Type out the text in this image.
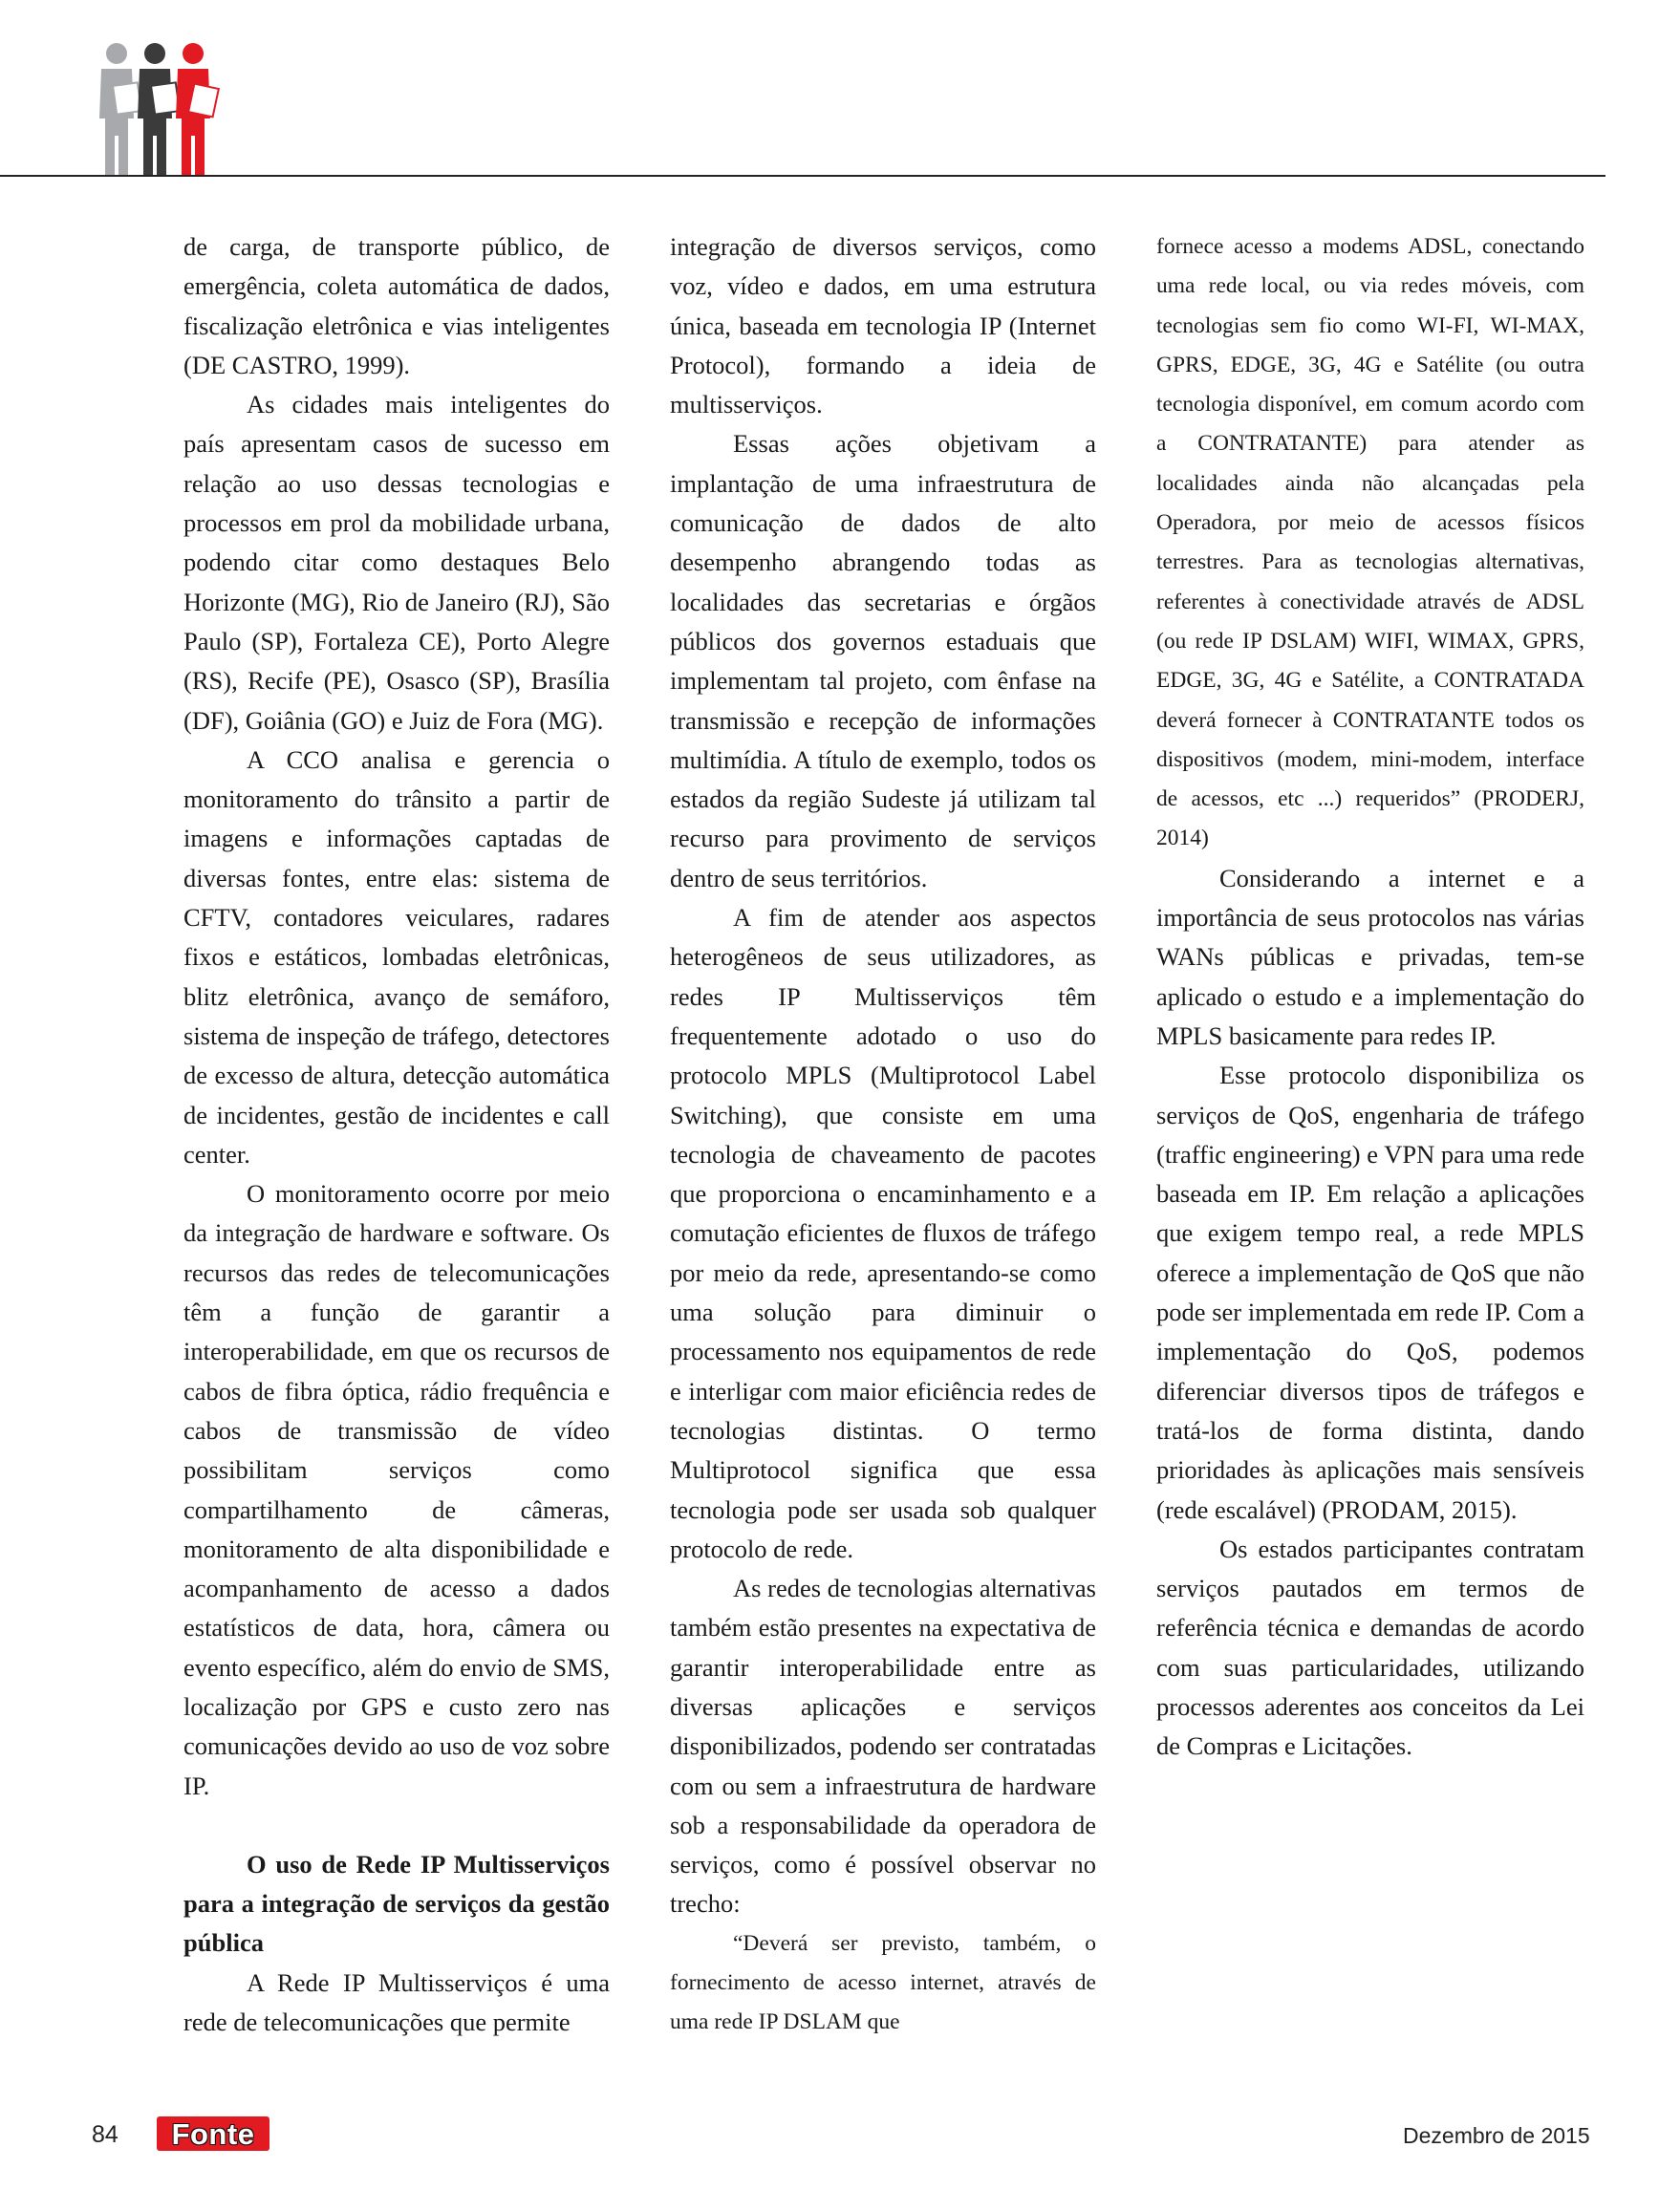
de carga, de transporte público, de emergência, coleta automática de dados, fiscalização eletrônica e vias inteligentes (DE CASTRO, 1999).

As cidades mais inteligentes do país apresentam casos de sucesso em relação ao uso dessas tecnologias e processos em prol da mobilidade urbana, podendo citar como destaques Belo Horizonte (MG), Rio de Janeiro (RJ), São Paulo (SP), Fortaleza CE), Porto Alegre (RS), Recife (PE), Osasco (SP), Brasília (DF), Goiânia (GO) e Juiz de Fora (MG).

A CCO analisa e gerencia o monitoramento do trânsito a partir de imagens e informações captadas de diversas fontes, entre elas: sistema de CFTV, contadores veiculares, radares fixos e estáticos, lombadas eletrônicas, blitz eletrônica, avanço de semáforo, sistema de inspeção de tráfego, detectores de excesso de altura, detecção automática de incidentes, gestão de incidentes e call center.

O monitoramento ocorre por meio da integração de hardware e software. Os recursos das redes de telecomunicações têm a função de garantir a interoperabilidade, em que os recursos de cabos de fibra óptica, rádio frequência e cabos de transmissão de vídeo possibilitam serviços como compartilhamento de câmeras, monitoramento de alta disponibilidade e acompanhamento de acesso a dados estatísticos de data, hora, câmera ou evento específico, além do envio de SMS, localização por GPS e custo zero nas comunicações devido ao uso de voz sobre IP.

O uso de Rede IP Multisserviços para a integração de serviços da gestão pública

A Rede IP Multisserviços é uma rede de telecomunicações que permite

integração de diversos serviços, como voz, vídeo e dados, em uma estrutura única, baseada em tecnologia IP (Internet Protocol), formando a ideia de multisserviços.

Essas ações objetivam a implantação de uma infraestrutura de comunicação de dados de alto desempenho abrangendo todas as localidades das secretarias e órgãos públicos dos governos estaduais que implementam tal projeto, com ênfase na transmissão e recepção de informações multimídia. A título de exemplo, todos os estados da região Sudeste já utilizam tal recurso para provimento de serviços dentro de seus territórios.

A fim de atender aos aspectos heterogêneos de seus utilizadores, as redes IP Multisserviços têm frequentemente adotado o uso do protocolo MPLS (Multiprotocol Label Switching), que consiste em uma tecnologia de chaveamento de pacotes que proporciona o encaminhamento e a comutação eficientes de fluxos de tráfego por meio da rede, apresentando-se como uma solução para diminuir o processamento nos equipamentos de rede e interligar com maior eficiência redes de tecnologias distintas. O termo Multiprotocol significa que essa tecnologia pode ser usada sob qualquer protocolo de rede.

As redes de tecnologias alternativas também estão presentes na expectativa de garantir interoperabilidade entre as diversas aplicações e serviços disponibilizados, podendo ser contratadas com ou sem a infraestrutura de hardware sob a responsabilidade da operadora de serviços, como é possível observar no trecho:

“Deverá ser previsto, também, o fornecimento de acesso internet, através de uma rede IP DSLAM que

fornece acesso a modems ADSL, conectando uma rede local, ou via redes móveis, com tecnologias sem fio como WI-FI, WI-MAX, GPRS, EDGE, 3G, 4G e Satélite (ou outra tecnologia disponível, em comum acordo com a CONTRATANTE) para atender as localidades ainda não alcançadas pela Operadora, por meio de acessos físicos terrestres. Para as tecnologias alternativas, referentes à conectividade através de ADSL (ou rede IP DSLAM) WIFI, WIMAX, GPRS, EDGE, 3G, 4G e Satélite, a CONTRATADA deverá fornecer à CONTRATANTE todos os dispositivos (modem, mini-modem, interface de acessos, etc ...) requeridos” (PRODERJ, 2014)

Considerando a internet e a importância de seus protocolos nas várias WANs públicas e privadas, tem-se aplicado o estudo e a implementação do MPLS basicamente para redes IP.

Esse protocolo disponibiliza os serviços de QoS, engenharia de tráfego (traffic engineering) e VPN para uma rede baseada em IP. Em relação a aplicações que exigem tempo real, a rede MPLS oferece a implementação de QoS que não pode ser implementada em rede IP. Com a implementação do QoS, podemos diferenciar diversos tipos de tráfegos e tratá-los de forma distinta, dando prioridades às aplicações mais sensíveis (rede escalável) (PRODAM, 2015).

Os estados participantes contratam serviços pautados em termos de referência técnica e demandas de acordo com suas particularidades, utilizando processos aderentes aos conceitos da Lei de Compras e Licitações.

84 Fonte	Dezembro de 2015
